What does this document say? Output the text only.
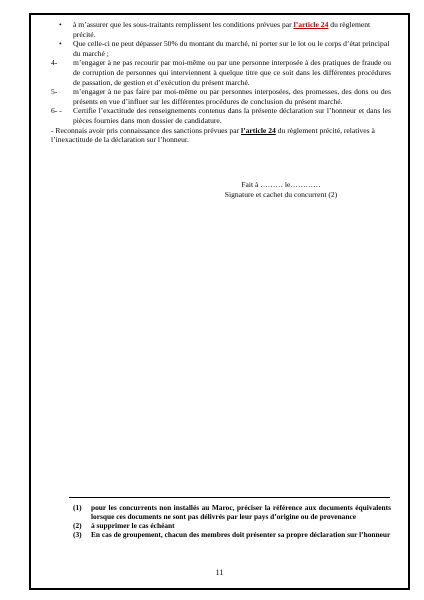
• à m’assurer que les sous-traitants remplissent les conditions prévues par l’article 24 du règlement précité.
• Que celle-ci ne peut dépasser 50% du montant du marché, ni porter sur le lot ou le corps d’état principal du marché ;
4- m’engager à ne pas recourir par moi-même ou par une personne interposée à des pratiques de fraude ou de corruption de personnes qui interviennent à quelque titre que ce soit dans les différentes procédures de passation, de gestion et d’exécution du présent marché.
5- m’engager à ne pas faire par moi-même ou par personnes interposées, des promesses, des dons ou des présents en vue d’influer sur les différentes procédures de conclusion du présent marché.
6- - Certifie l’exactitude des renseignements contenus dans la présente déclaration sur l’honneur et dans les pièces fournies dans mon dossier de candidature.
- Reconnais avoir pris connaissance des sanctions prévues par l’article 24 du règlement précité, relatives à l’inexactitude de la déclaration sur l’honneur.
Fait à ……… le…………
Signature et cachet du concurrent (2)
(1) pour les concurrents non installés au Maroc, préciser la référence aux documents équivalents lorsque ces documents ne sont pas délivrés par leur pays d’origine ou de provenance
(2) à supprimer le cas échéant
(3) En cas de groupement, chacun des membres doit présenter sa propre déclaration sur l’honneur
11
